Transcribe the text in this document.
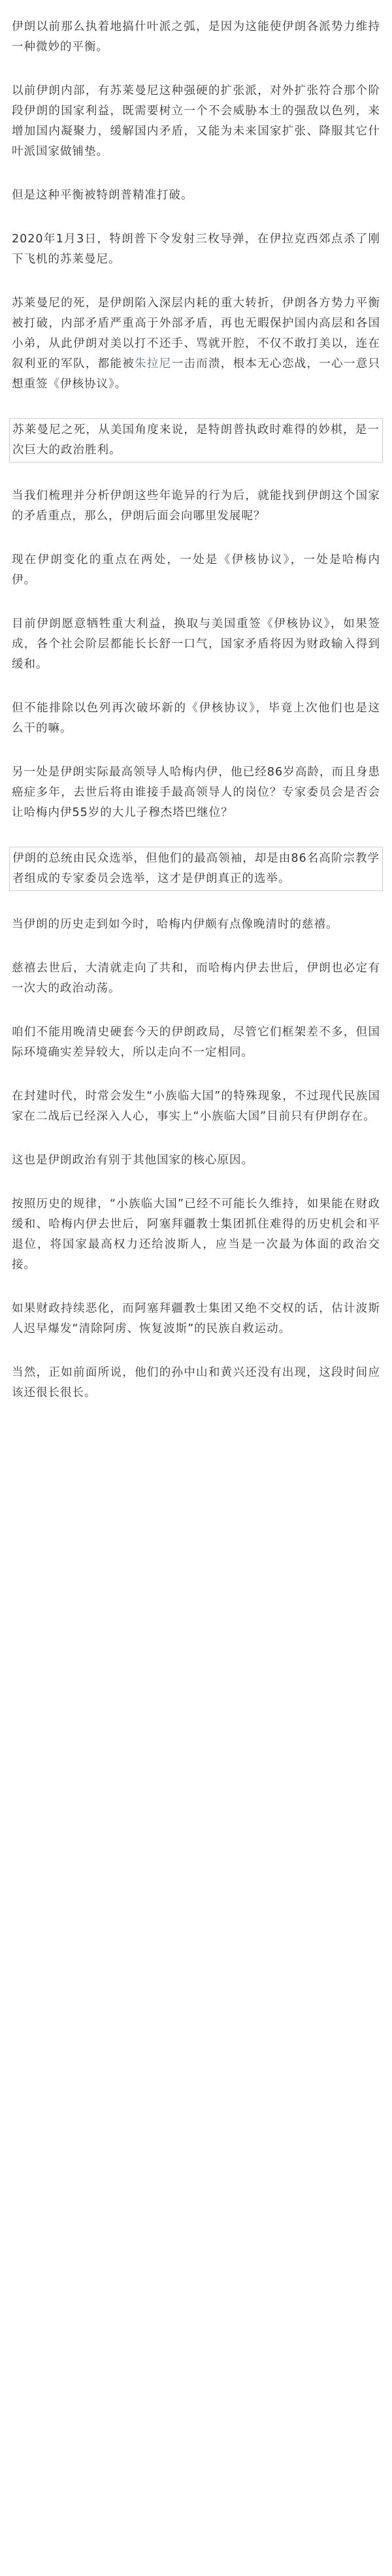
伊朗以前那么执着地搞什叶派之弧，是因为这能使伊朗各派势力维持一种微妙的平衡。

以前伊朗内部，有苏莱曼尼这种强硬的扩张派，对外扩张符合那个阶段伊朗的国家利益，既需要树立一个不会威胁本土的强敌以色列，来增加国内凝聚力，缓解国内矛盾，又能为未来国家扩张、降服其它什叶派国家做铺垫。

但是这种平衡被特朗普精准打破。

2020年1月3日，特朗普下令发射三枚导弹，在伊拉克西郊点杀了刚下飞机的苏莱曼尼。

苏莱曼尼的死，是伊朗陷入深层内耗的重大转折，伊朗各方势力平衡被打破，内部矛盾严重高于外部矛盾，再也无暇保护国内高层和各国小弟，从此伊朗对美以打不还手、骂就开腔，不仅不敢打美以，连在叙利亚的军队，都能被朱拉尼一击而溃，根本无心恋战，一心一意只想重签《伊核协议》。

苏莱曼尼之死，从美国角度来说，是特朗普执政时难得的妙棋，是一次巨大的政治胜利。

当我们梳理并分析伊朗这些年诡异的行为后，就能找到伊朗这个国家的矛盾重点，那么，伊朗后面会向哪里发展呢？

现在伊朗变化的重点在两处，一处是《伊核协议》，一处是哈梅内伊。

目前伊朗愿意牺牲重大利益，换取与美国重签《伊核协议》，如果签成，各个社会阶层都能长长舒一口气，国家矛盾将因为财政输入得到缓和。

但不能排除以色列再次破坏新的《伊核协议》，毕竟上次他们也是这么干的嘛。

另一处是伊朗实际最高领导人哈梅内伊，他已经86岁高龄，而且身患癌症多年，去世后将由谁接手最高领导人的岗位？专家委员会是否会让哈梅内伊55岁的大儿子穆杰塔巴继位？

伊朗的总统由民众选举，但他们的最高领袖，却是由86名高阶宗教学者组成的专家委员会选举，这才是伊朗真正的选举。

当伊朗的历史走到如今时，哈梅内伊颇有点像晚清时的慈禧。

慈禧去世后，大清就走向了共和，而哈梅内伊去世后，伊朗也必定有一次大的政治动荡。

咱们不能用晚清史硬套今天的伊朗政局，尽管它们框架差不多，但国际环境确实差异较大，所以走向不一定相同。

在封建时代，时常会发生“小族临大国”的特殊现象，不过现代民族国家在二战后已经深入人心，事实上“小族临大国”目前只有伊朗存在。

这也是伊朗政治有别于其他国家的核心原因。

按照历史的规律，“小族临大国”已经不可能长久维持，如果能在财政缓和、哈梅内伊去世后，阿塞拜疆教士集团抓住难得的历史机会和平退位，将国家最高权力还给波斯人，应当是一次最为体面的政治交接。

如果财政持续恶化，而阿塞拜疆教士集团又绝不交权的话，估计波斯人迟早爆发“清除阿虏、恢复波斯”的民族自救运动。

当然，正如前面所说，他们的孙中山和黄兴还没有出现，这段时间应该还很长很长。
